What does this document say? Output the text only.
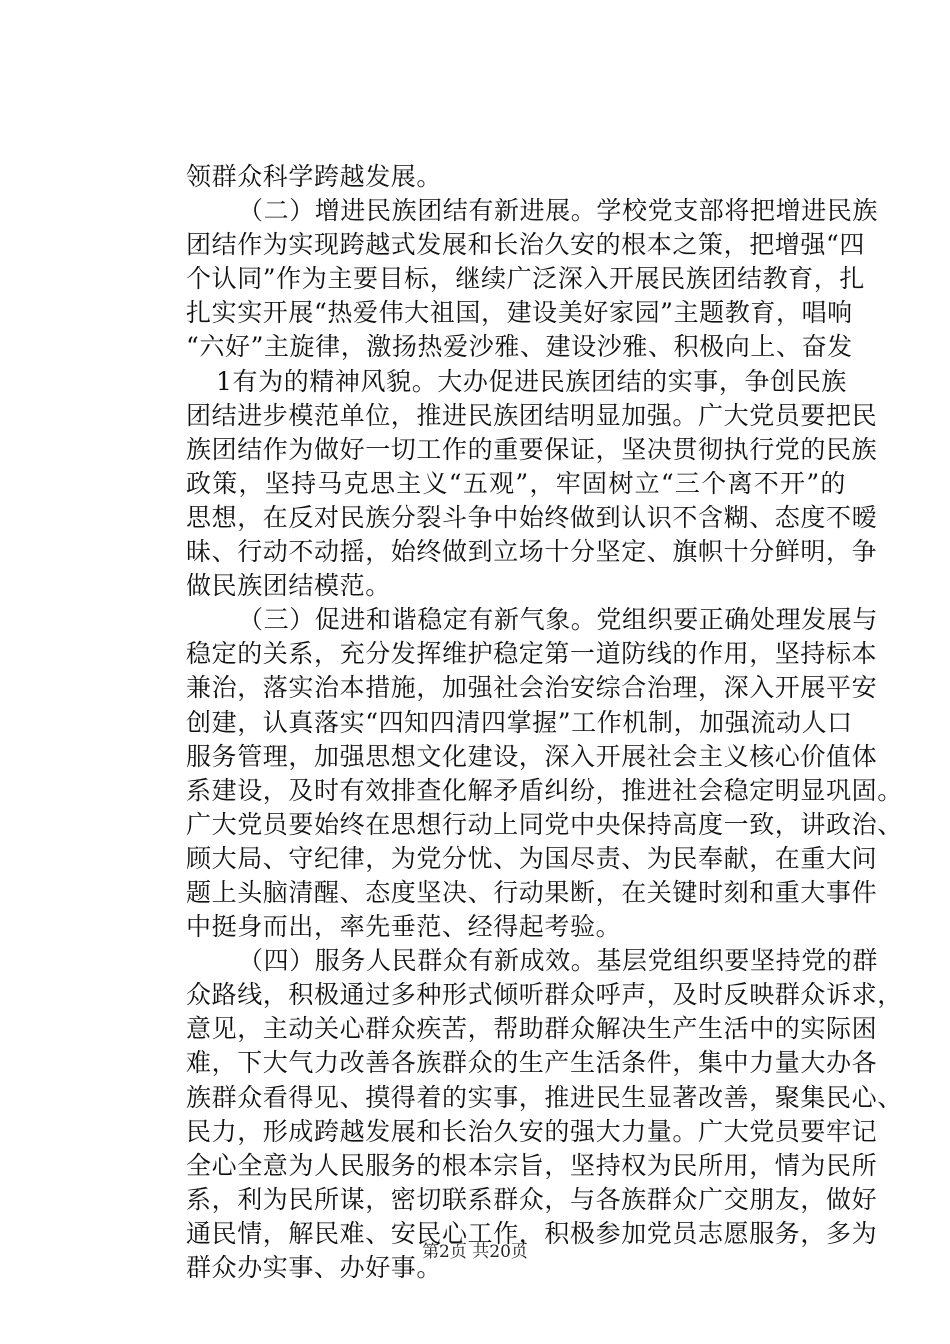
领群众科学跨越发展。
（二）增进民族团结有新进展。学校党支部将把增进民族
团结作为实现跨越式发展和长治久安的根本之策，把增强“四
个认同”作为主要目标，继续广泛深入开展民族团结教育，扎
扎实实开展“热爱伟大祖国，建设美好家园”主题教育，唱响
“六好”主旋律，激扬热爱沙雅、建设沙雅、积极向上、奋发
1有为的精神风貌。大办促进民族团结的实事，争创民族
团结进步模范单位，推进民族团结明显加强。广大党员要把民
族团结作为做好一切工作的重要保证，坚决贯彻执行党的民族
政策，坚持马克思主义“五观”，牢固树立“三个离不开”的
思想，在反对民族分裂斗争中始终做到认识不含糊、态度不暧
昧、行动不动摇，始终做到立场十分坚定、旗帜十分鲜明，争
做民族团结模范。
（三）促进和谐稳定有新气象。党组织要正确处理发展与
稳定的关系，充分发挥维护稳定第一道防线的作用，坚持标本
兼治，落实治本措施，加强社会治安综合治理，深入开展平安
创建，认真落实“四知四清四掌握”工作机制，加强流动人口
服务管理，加强思想文化建设，深入开展社会主义核心价值体
系建设，及时有效排查化解矛盾纠纷，推进社会稳定明显巩固。
广大党员要始终在思想行动上同党中央保持高度一致，讲政治、
顾大局、守纪律，为党分忧、为国尽责、为民奉献，在重大问
题上头脑清醒、态度坚决、行动果断，在关键时刻和重大事件
中挺身而出，率先垂范、经得起考验。
（四）服务人民群众有新成效。基层党组织要坚持党的群
众路线，积极通过多种形式倾听群众呼声，及时反映群众诉求，
意见，主动关心群众疾苦，帮助群众解决生产生活中的实际困
难，下大气力改善各族群众的生产生活条件，集中力量大办各
族群众看得见、摸得着的实事，推进民生显著改善，聚集民心、
民力，形成跨越发展和长治久安的强大力量。广大党员要牢记
全心全意为人民服务的根本宗旨，坚持权为民所用，情为民所
系，利为民所谋，密切联系群众，与各族群众广交朋友，做好
通民情，解民难、安民心工作，积极参加党员志愿服务，多为
群众办实事、办好事。
第2页 共20页
